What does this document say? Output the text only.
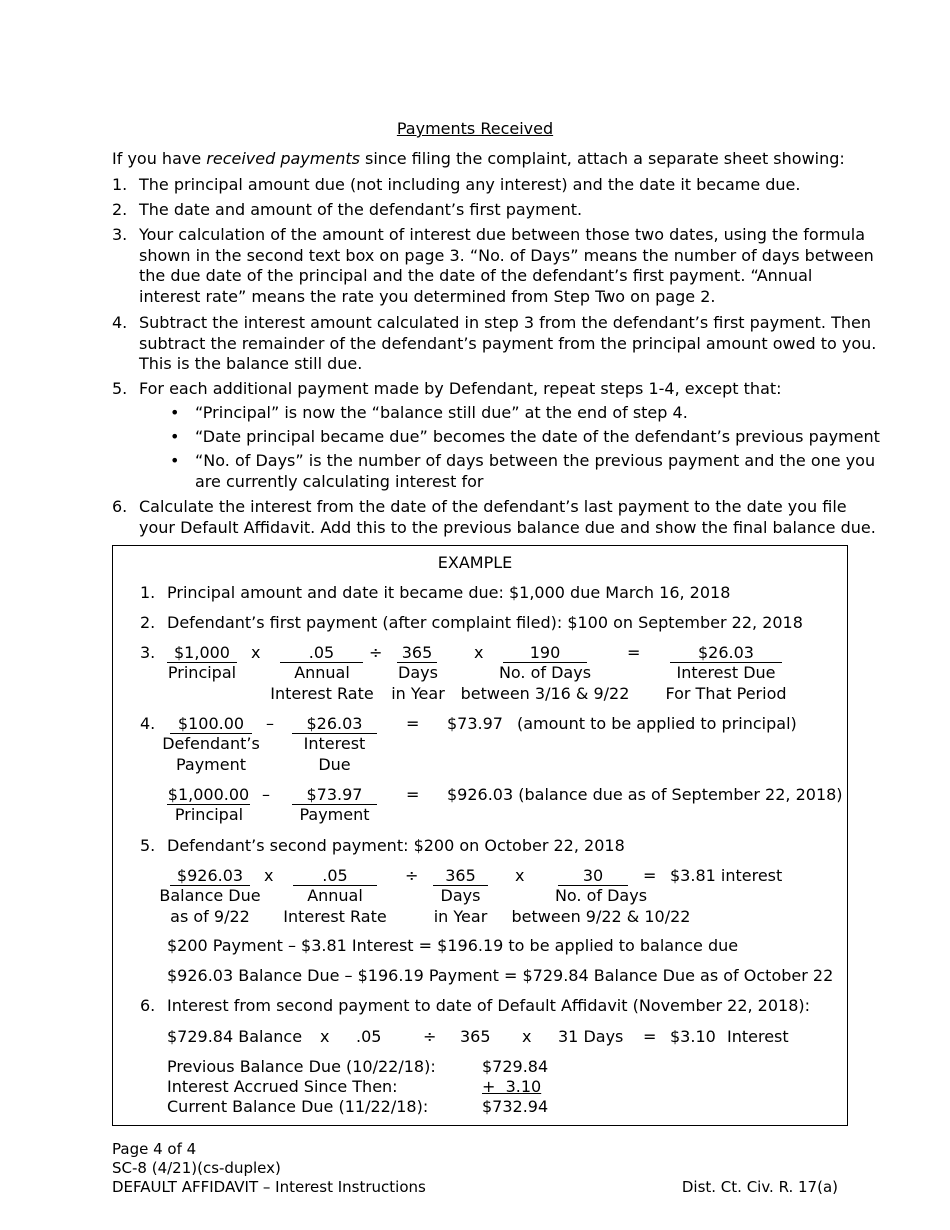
Payments Received
If you have received payments since filing the complaint, attach a separate sheet showing:
1. The principal amount due (not including any interest) and the date it became due.
2. The date and amount of the defendant’s first payment.
3. Your calculation of the amount of interest due between those two dates, using the formula
shown in the second text box on page 3. “No. of Days” means the number of days between
the due date of the principal and the date of the defendant’s first payment. “Annual
interest rate” means the rate you determined from Step Two on page 2.
4. Subtract the interest amount calculated in step 3 from the defendant’s first payment. Then
subtract the remainder of the defendant’s payment from the principal amount owed to you.
This is the balance still due.
5. For each additional payment made by Defendant, repeat steps 1-4, except that:
• “Principal” is now the “balance still due” at the end of step 4.
• “Date principal became due” becomes the date of the defendant’s previous payment
• “No. of Days” is the number of days between the previous payment and the one you
are currently calculating interest for
6. Calculate the interest from the date of the defendant’s last payment to the date you file
your Default Affidavit. Add this to the previous balance due and show the final balance due.
EXAMPLE
1. Principal amount and date it became due: $1,000 due March 16, 2018
2. Defendant’s first payment (after complaint filed): $100 on September 22, 2018
3.	$1,000
Principal
x	.05
Annual
Interest Rate
÷ 365
Days
in Year
x	190
No. of Days
between 3/16 & 9/22
=	$26.03
Interest Due
For That Period
4.	$100.00
Defendant’s
Payment
–	$26.03
Interest
Due
= $73.97 (amount to be applied to principal)
$1,000.00
Principal
–	$73.97
Payment
= $926.03 (balance due as of September 22, 2018)
5. Defendant’s second payment: $200 on October 22, 2018
$926.03
Balance Due
as of 9/22
x	.05
Annual
Interest Rate
÷	365
Days
in Year
x	30
No. of Days
between 9/22 & 10/22
= $3.81 interest
$200 Payment – $3.81 Interest = $196.19 to be applied to balance due
$926.03 Balance Due – $196.19 Payment = $729.84 Balance Due as of October 22
6. Interest from second payment to date of Default Affidavit (November 22, 2018):
$729.84 Balance x .05	÷ 365 x 31 Days = $3.10 Interest
Previous Balance Due (10/22/18):	$729.84
Interest Accrued Since Then:	+  3.10
Current Balance Due (11/22/18):	$732.94
Page 4 of 4
SC-8 (4/21)(cs-duplex)
DEFAULT AFFIDAVIT – Interest Instructions	Dist. Ct. Civ. R. 17(a)
